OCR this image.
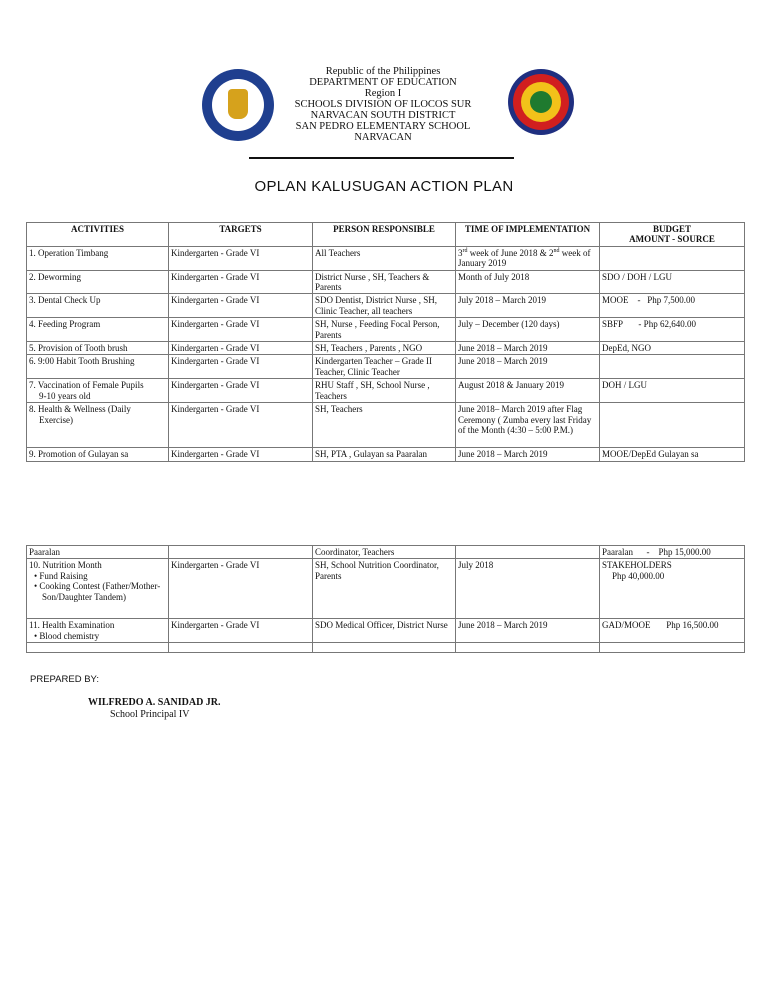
Republic of the Philippines
DEPARTMENT OF EDUCATION
Region I
SCHOOLS DIVISION OF ILOCOS SUR
NARVACAN SOUTH DISTRICT
SAN PEDRO ELEMENTARY SCHOOL
NARVACAN
OPLAN KALUSUGAN ACTION PLAN
ACTIVITIES	TARGETS	PERSON RESPONSIBLE	TIME OF IMPLEMENTATION	BUDGET
AMOUNT - SOURCE
1. Operation Timbang	Kindergarten - Grade VI	All Teachers	3rd week of June 2018 & 2nd week of January 2019	
2. Deworming	Kindergarten - Grade VI	District Nurse , SH, Teachers & Parents	Month of July 2018	SDO / DOH / LGU
3. Dental Check Up	Kindergarten - Grade VI	SDO Dentist, District Nurse , SH, Clinic Teacher, all teachers	July 2018 – March 2019	MOOE    -   Php 7,500.00
4. Feeding Program	Kindergarten - Grade VI	SH, Nurse , Feeding Focal Person, Parents	July – December (120 days)	SBFP       - Php 62,640.00
5. Provision of Tooth brush	Kindergarten - Grade VI	SH, Teachers , Parents , NGO	June 2018 – March 2019	DepEd, NGO
6. 9:00 Habit Tooth Brushing	Kindergarten - Grade VI	Kindergarten Teacher – Grade II Teacher, Clinic Teacher	June 2018 – March 2019	
7. Vaccination of Female Pupils
9-10 years old	Kindergarten - Grade VI	RHU Staff , SH, School Nurse , Teachers	August 2018 & January 2019	DOH / LGU
8. Health & Wellness (Daily
Exercise)	Kindergarten - Grade VI	SH, Teachers	June 2018– March 2019 after Flag Ceremony ( Zumba every last Friday of the Month (4:30 – 5:00 P.M.)	
9. Promotion of Gulayan sa	Kindergarten - Grade VI	SH, PTA , Gulayan sa Paaralan	June 2018 – March 2019	MOOE/DepEd Gulayan sa
Paaralan		Coordinator, Teachers		Paaralan      -    Php 15,000.00
10. Nutrition Month
• Fund Raising
• Cooking Contest (Father/Mother-Son/Daughter Tandem)	Kindergarten - Grade VI	SH, School Nutrition Coordinator, Parents	July 2018	STAKEHOLDERS
Php 40,000.00
11. Health Examination
• Blood chemistry	Kindergarten - Grade VI	SDO Medical Officer, District Nurse	June 2018 – March 2019	GAD/MOOE       Php 16,500.00

PREPARED BY:
WILFREDO A. SANIDAD JR.
School Principal IV
